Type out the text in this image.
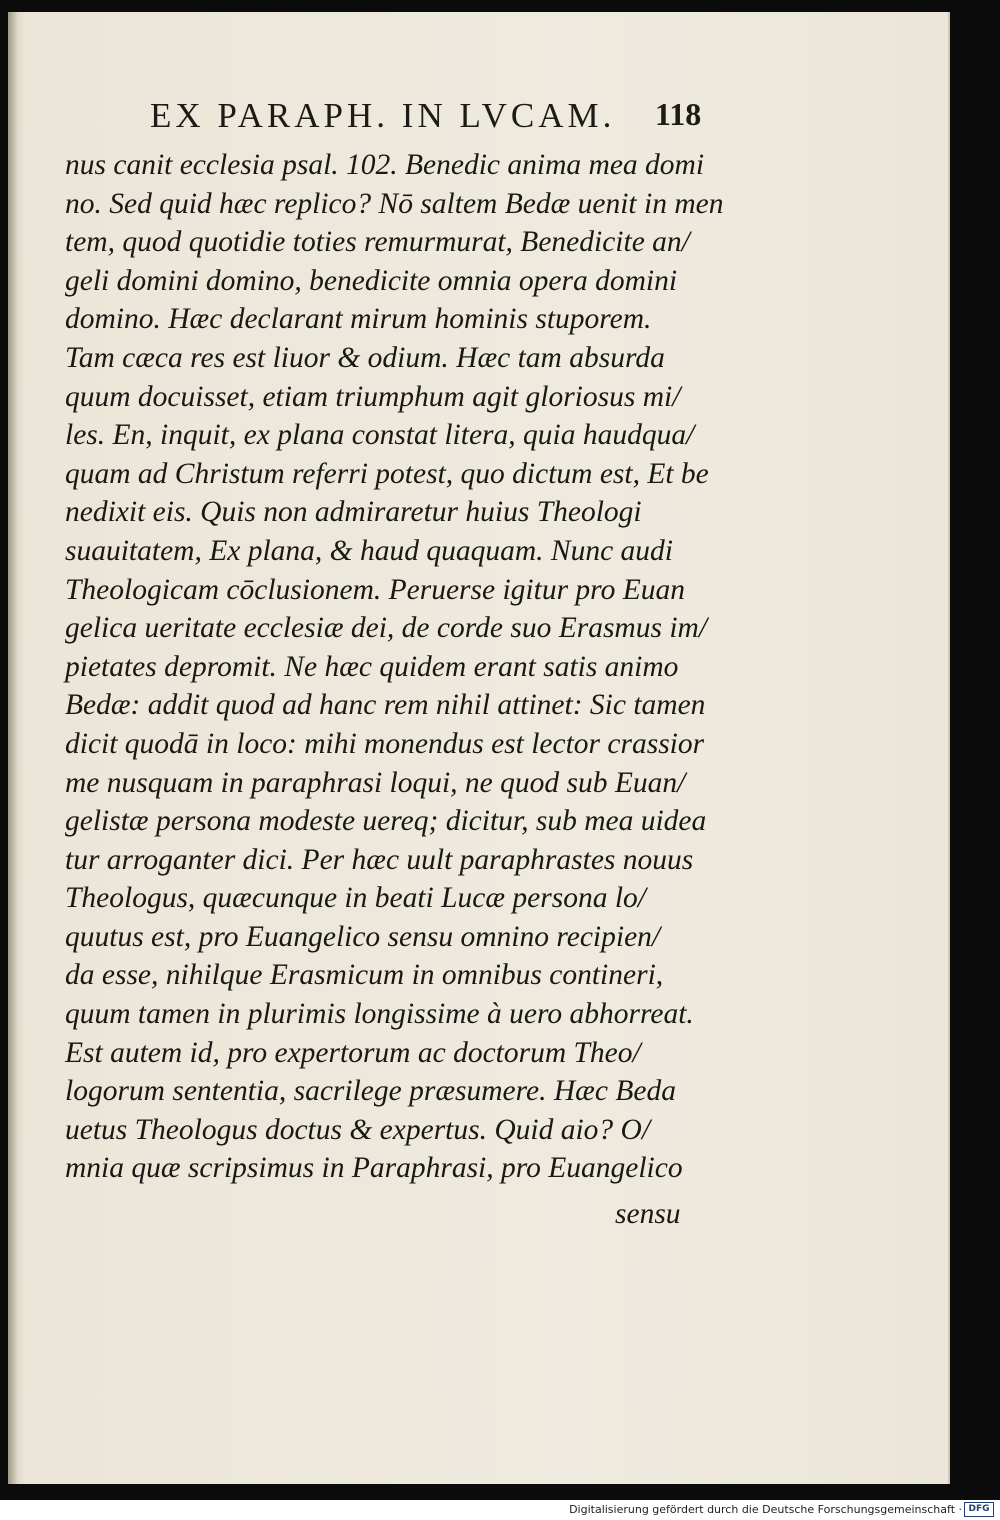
EX PARAPH. IN LVCAM. 118
nus canit ecclesia psal. 102. Benedic anima mea domi
no. Sed quid hæc replico? Nō saltem Bedæ uenit in men
tem, quod quotidie toties remurmurat, Benedicite an/
geli domini domino, benedicite omnia opera domini
domino. Hæc declarant mirum hominis stuporem.
Tam cæca res est liuor & odium. Hæc tam absurda
quum docuisset, etiam triumphum agit gloriosus mi/
les. En, inquit, ex plana constat litera, quia haudqua/
quam ad Christum referri potest, quo dictum est, Et be
nedixit eis. Quis non admiraretur huius Theologi
suauitatem, Ex plana, & haud quaquam. Nunc audi
Theologicam cōclusionem. Peruerse igitur pro Euan
gelica ueritate ecclesiæ dei, de corde suo Erasmus im/
pietates depromit. Ne hæc quidem erant satis animo
Bedæ: addit quod ad hanc rem nihil attinet: Sic tamen
dicit quodā in loco: mihi monendus est lector crassior
me nusquam in paraphrasi loqui, ne quod sub Euan/
gelistæ persona modeste uereq; dicitur, sub mea uidea
tur arroganter dici. Per hæc uult paraphrastes nouus
Theologus, quæcunque in beati Lucæ persona lo/
quutus est, pro Euangelico sensu omnino recipien/
da esse, nihilque Erasmicum in omnibus contineri,
quum tamen in plurimis longissime à uero abhorreat.
Est autem id, pro expertorum ac doctorum Theo/
logorum sententia, sacrilege præsumere. Hæc Beda
uetus Theologus doctus & expertus. Quid aio? O/
mnia quæ scripsimus in Paraphrasi, pro Euangelico
sensu
Digitalisierung gefördert durch die Deutsche Forschungsgemeinschaft · DFG
